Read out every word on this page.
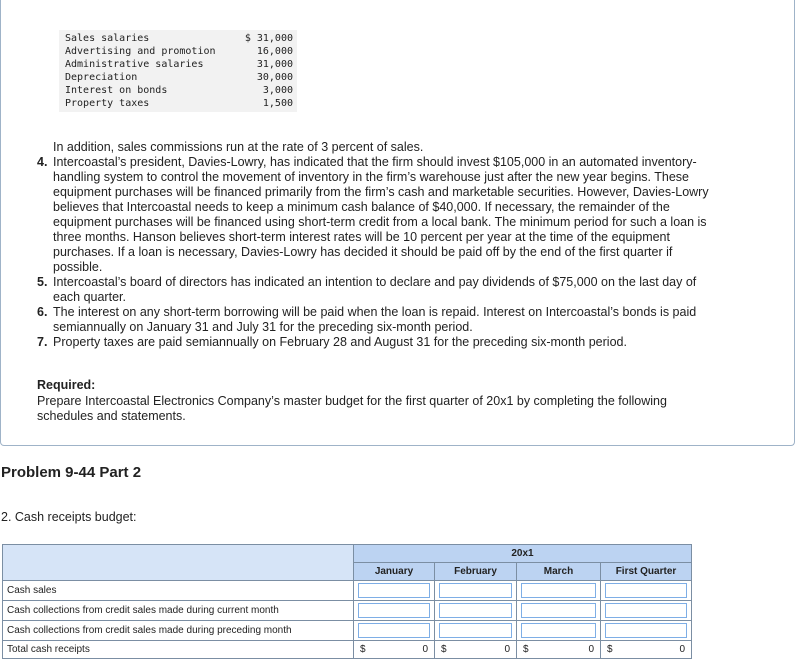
Sales salaries	$ 31,000
Advertising and promotion	16,000
Administrative salaries	31,000
Depreciation	30,000
Interest on bonds	3,000
Property taxes	1,500
In addition, sales commissions run at the rate of 3 percent of sales.
4. Intercoastal’s president, Davies-Lowry, has indicated that the firm should invest $105,000 in an automated inventory-
handling system to control the movement of inventory in the firm’s warehouse just after the new year begins. These
equipment purchases will be financed primarily from the firm’s cash and marketable securities. However, Davies-Lowry
believes that Intercoastal needs to keep a minimum cash balance of $40,000. If necessary, the remainder of the
equipment purchases will be financed using short-term credit from a local bank. The minimum period for such a loan is
three months. Hanson believes short-term interest rates will be 10 percent per year at the time of the equipment
purchases. If a loan is necessary, Davies-Lowry has decided it should be paid off by the end of the first quarter if
possible.
5. Intercoastal’s board of directors has indicated an intention to declare and pay dividends of $75,000 on the last day of
each quarter.
6. The interest on any short-term borrowing will be paid when the loan is repaid. Interest on Intercoastal’s bonds is paid
semiannually on January 31 and July 31 for the preceding six-month period.
7. Property taxes are paid semiannually on February 28 and August 31 for the preceding six-month period.
Required:
Prepare Intercoastal Electronics Company’s master budget for the first quarter of 20x1 by completing the following
schedules and statements.
Problem 9-44 Part 2
2. Cash receipts budget:
	20x1			
	January	February	March	First Quarter
Cash sales	

Cash collections from credit sales made during current month	

Cash collections from credit sales made during preceding month	

Total cash receipts	$ 0	$ 0	$ 0	$ 0
